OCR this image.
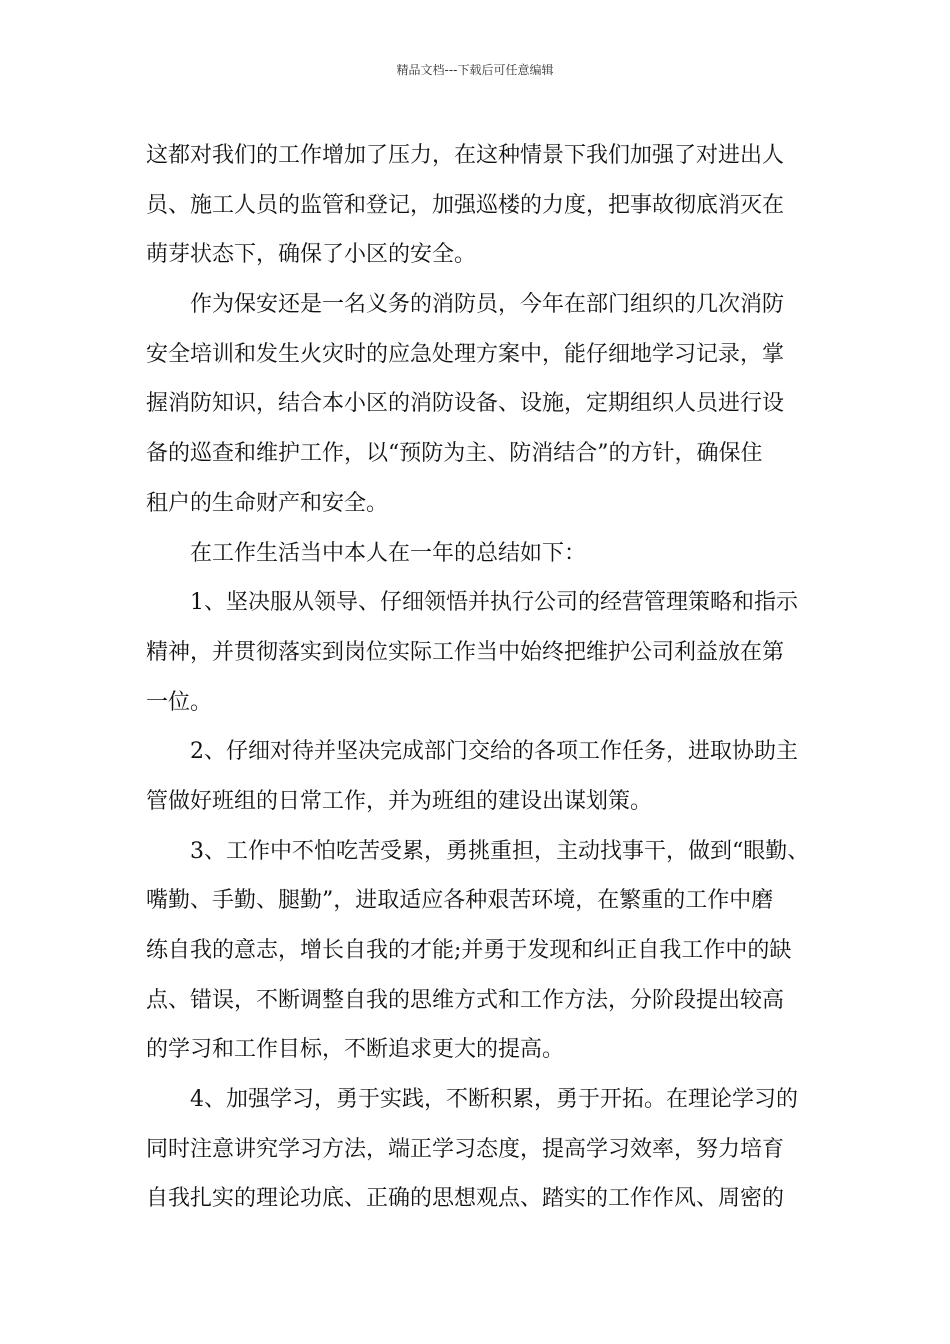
精品文档---下载后可任意编辑

这都对我们的工作增加了压力，在这种情景下我们加强了对进出人
员、施工人员的监管和登记，加强巡楼的力度，把事故彻底消灭在
萌芽状态下，确保了小区的安全。

作为保安还是一名义务的消防员，今年在部门组织的几次消防
安全培训和发生火灾时的应急处理方案中，能仔细地学习记录，掌
握消防知识，结合本小区的消防设备、设施，定期组织人员进行设
备的巡查和维护工作，以“预防为主、防消结合”的方针，确保住
租户的生命财产和安全。

在工作生活当中本人在一年的总结如下：

1、坚决服从领导、仔细领悟并执行公司的经营管理策略和指示
精神，并贯彻落实到岗位实际工作当中始终把维护公司利益放在第
一位。

2、仔细对待并坚决完成部门交给的各项工作任务，进取协助主
管做好班组的日常工作，并为班组的建设出谋划策。

3、工作中不怕吃苦受累，勇挑重担，主动找事干，做到“眼勤、
嘴勤、手勤、腿勤”，进取适应各种艰苦环境，在繁重的工作中磨
练自我的意志，增长自我的才能;并勇于发现和纠正自我工作中的缺
点、错误，不断调整自我的思维方式和工作方法，分阶段提出较高
的学习和工作目标，不断追求更大的提高。

4、加强学习，勇于实践，不断积累，勇于开拓。在理论学习的
同时注意讲究学习方法，端正学习态度，提高学习效率，努力培育
自我扎实的理论功底、正确的思想观点、踏实的工作作风、周密的
